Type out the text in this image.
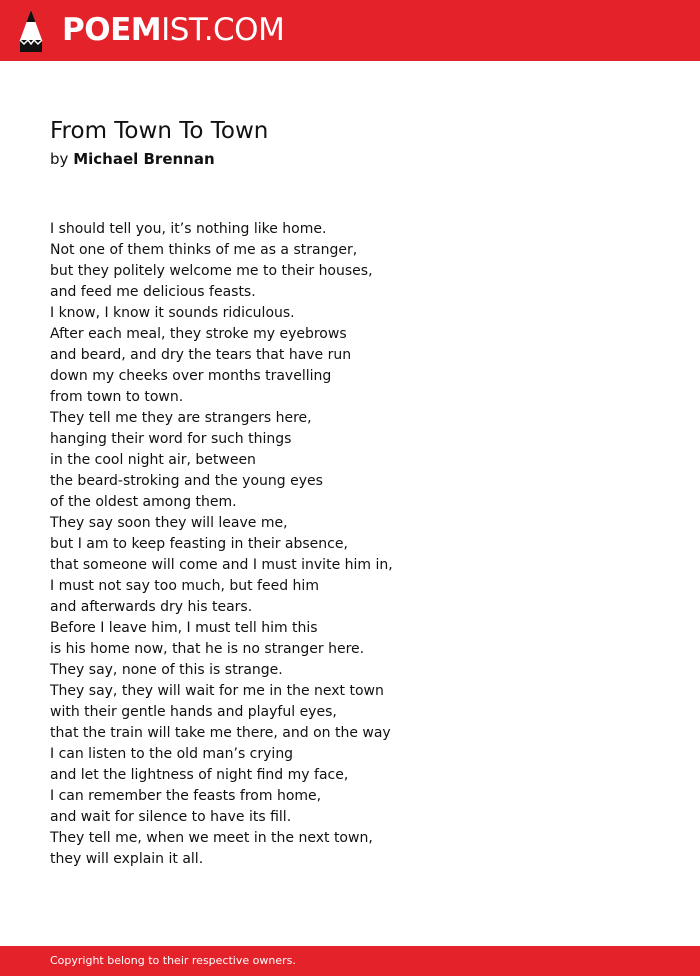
POEMIST.COM
From Town To Town
by Michael Brennan
I should tell you, it’s nothing like home.
Not one of them thinks of me as a stranger,
but they politely welcome me to their houses,
and feed me delicious feasts.
I know, I know it sounds ridiculous.
After each meal, they stroke my eyebrows
and beard, and dry the tears that have run
down my cheeks over months travelling
from town to town.
They tell me they are strangers here,
hanging their word for such things
in the cool night air, between
the beard-stroking and the young eyes
of the oldest among them.
They say soon they will leave me,
but I am to keep feasting in their absence,
that someone will come and I must invite him in,
I must not say too much, but feed him
and afterwards dry his tears.
Before I leave him, I must tell him this
is his home now, that he is no stranger here.
They say, none of this is strange.
They say, they will wait for me in the next town
with their gentle hands and playful eyes,
that the train will take me there, and on the way
I can listen to the old man’s crying
and let the lightness of night find my face,
I can remember the feasts from home,
and wait for silence to have its fill.
They tell me, when we meet in the next town,
they will explain it all.
Copyright belong to their respective owners.
